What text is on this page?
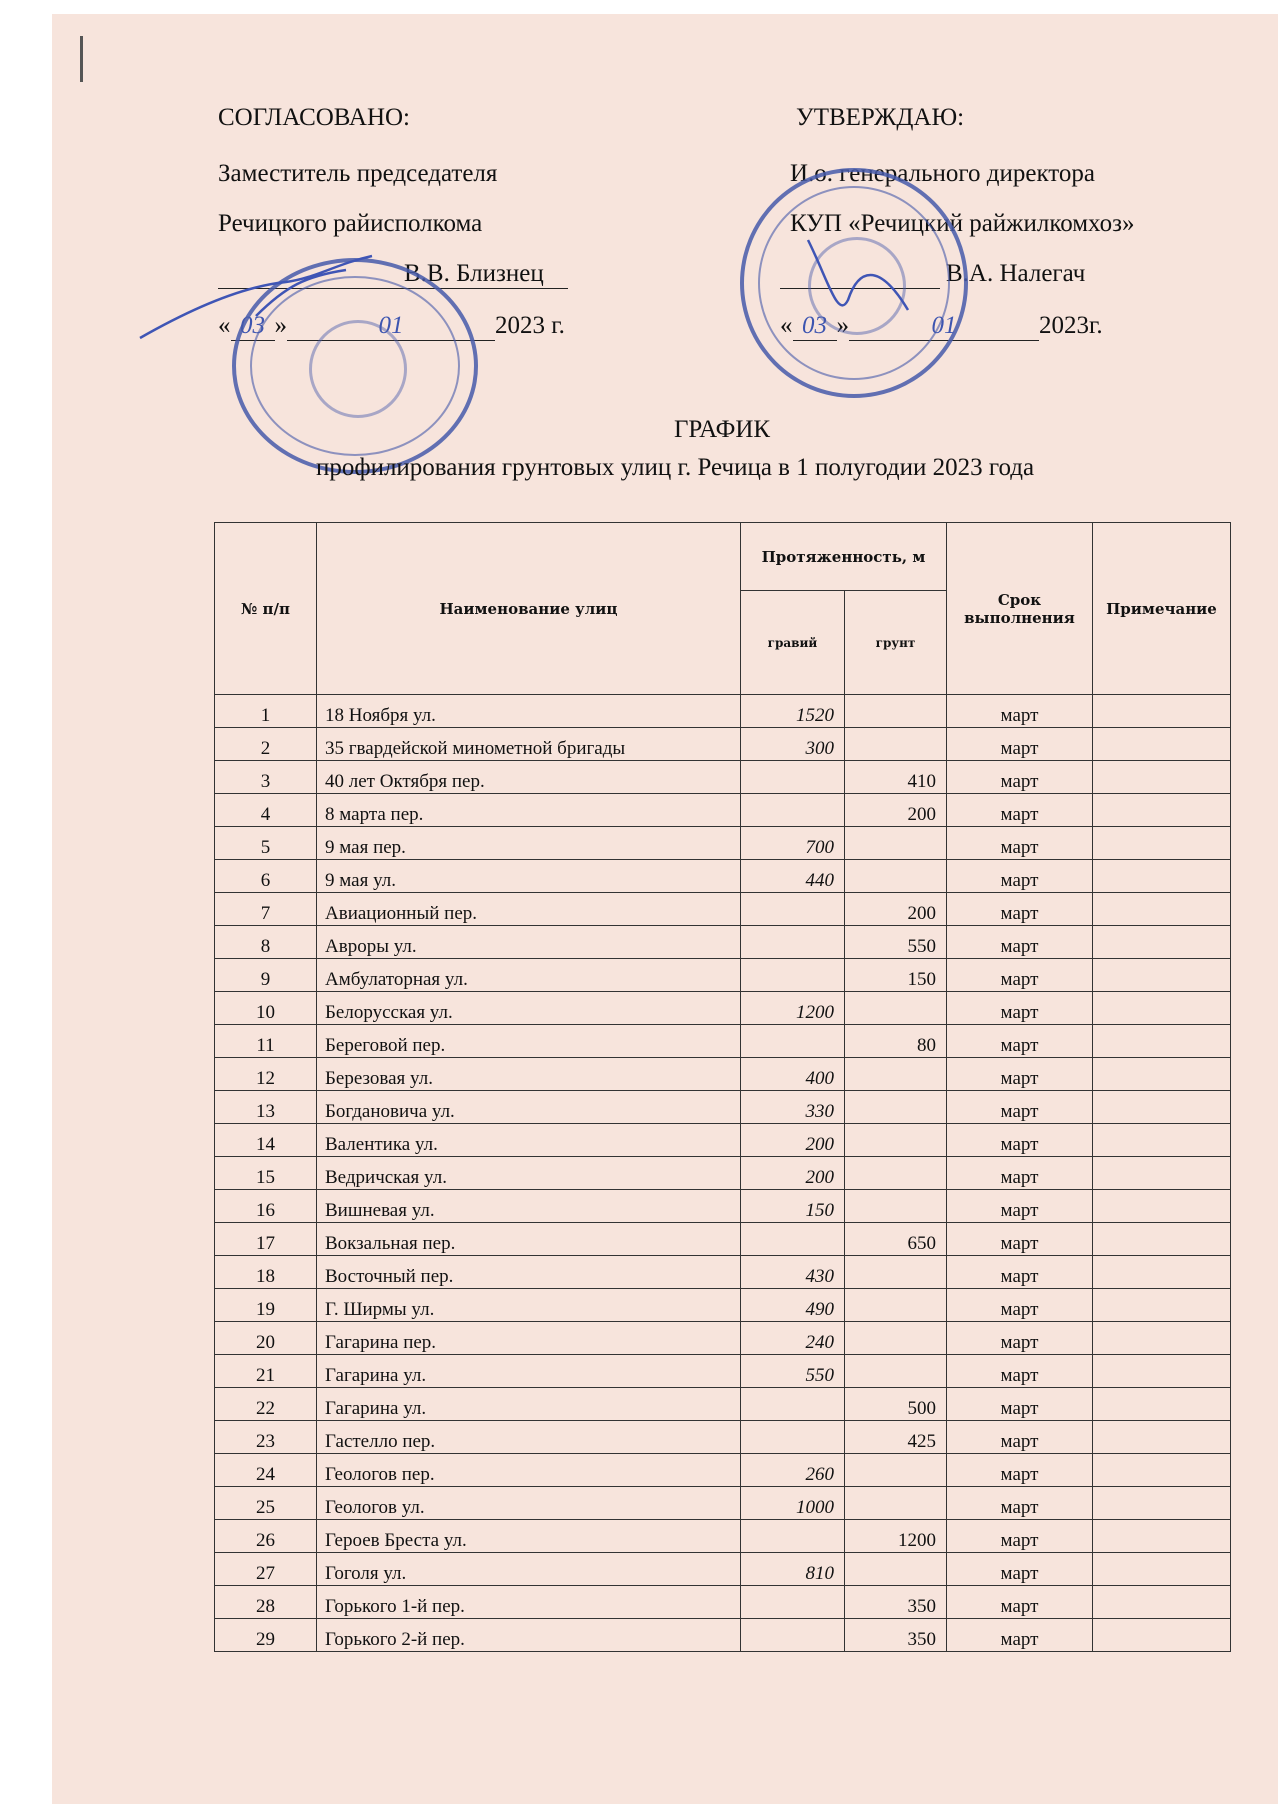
СОГЛАСОВАНО:
Заместитель председателя
Речицкого райисполкома
В.В. Близнец
« 03 »	01	2023 г.
УТВЕРЖДАЮ:
И.о. генерального директора
КУП «Речицкий райжилкомхоз»
В.А. Налегач
« 03 »	01	2023г.
ГРАФИК
профилирования грунтовых улиц г. Речица в 1 полугодии 2023 года
№ п/п	Наименование улиц	Протяженность, м		Срок выполнения	Примечание
		гравий	грунт		
1	18 Ноября ул.	1520		март	
2	35 гвардейской минометной бригады	300		март	
3	40 лет Октября пер.		410	март	
4	8 марта пер.		200	март	
5	9 мая пер.	700		март	
6	9 мая ул.	440		март	
7	Авиационный пер.		200	март	
8	Авроры ул.		550	март	
9	Амбулаторная ул.		150	март	
10	Белорусская ул.	1200		март	
11	Береговой пер.		80	март	
12	Березовая ул.	400		март	
13	Богдановича ул.	330		март	
14	Валентика ул.	200		март	
15	Ведричская ул.	200		март	
16	Вишневая ул.	150		март	
17	Вокзальная пер.		650	март	
18	Восточный пер.	430		март	
19	Г. Ширмы ул.	490		март	
20	Гагарина пер.	240		март	
21	Гагарина ул.	550		март	
22	Гагарина ул.		500	март	
23	Гастелло пер.		425	март	
24	Геологов пер.	260		март	
25	Геологов ул.	1000		март	
26	Героев Бреста ул.		1200	март	
27	Гоголя ул.	810		март	
28	Горького 1-й пер.		350	март	
29	Горького 2-й пер.		350	март	
